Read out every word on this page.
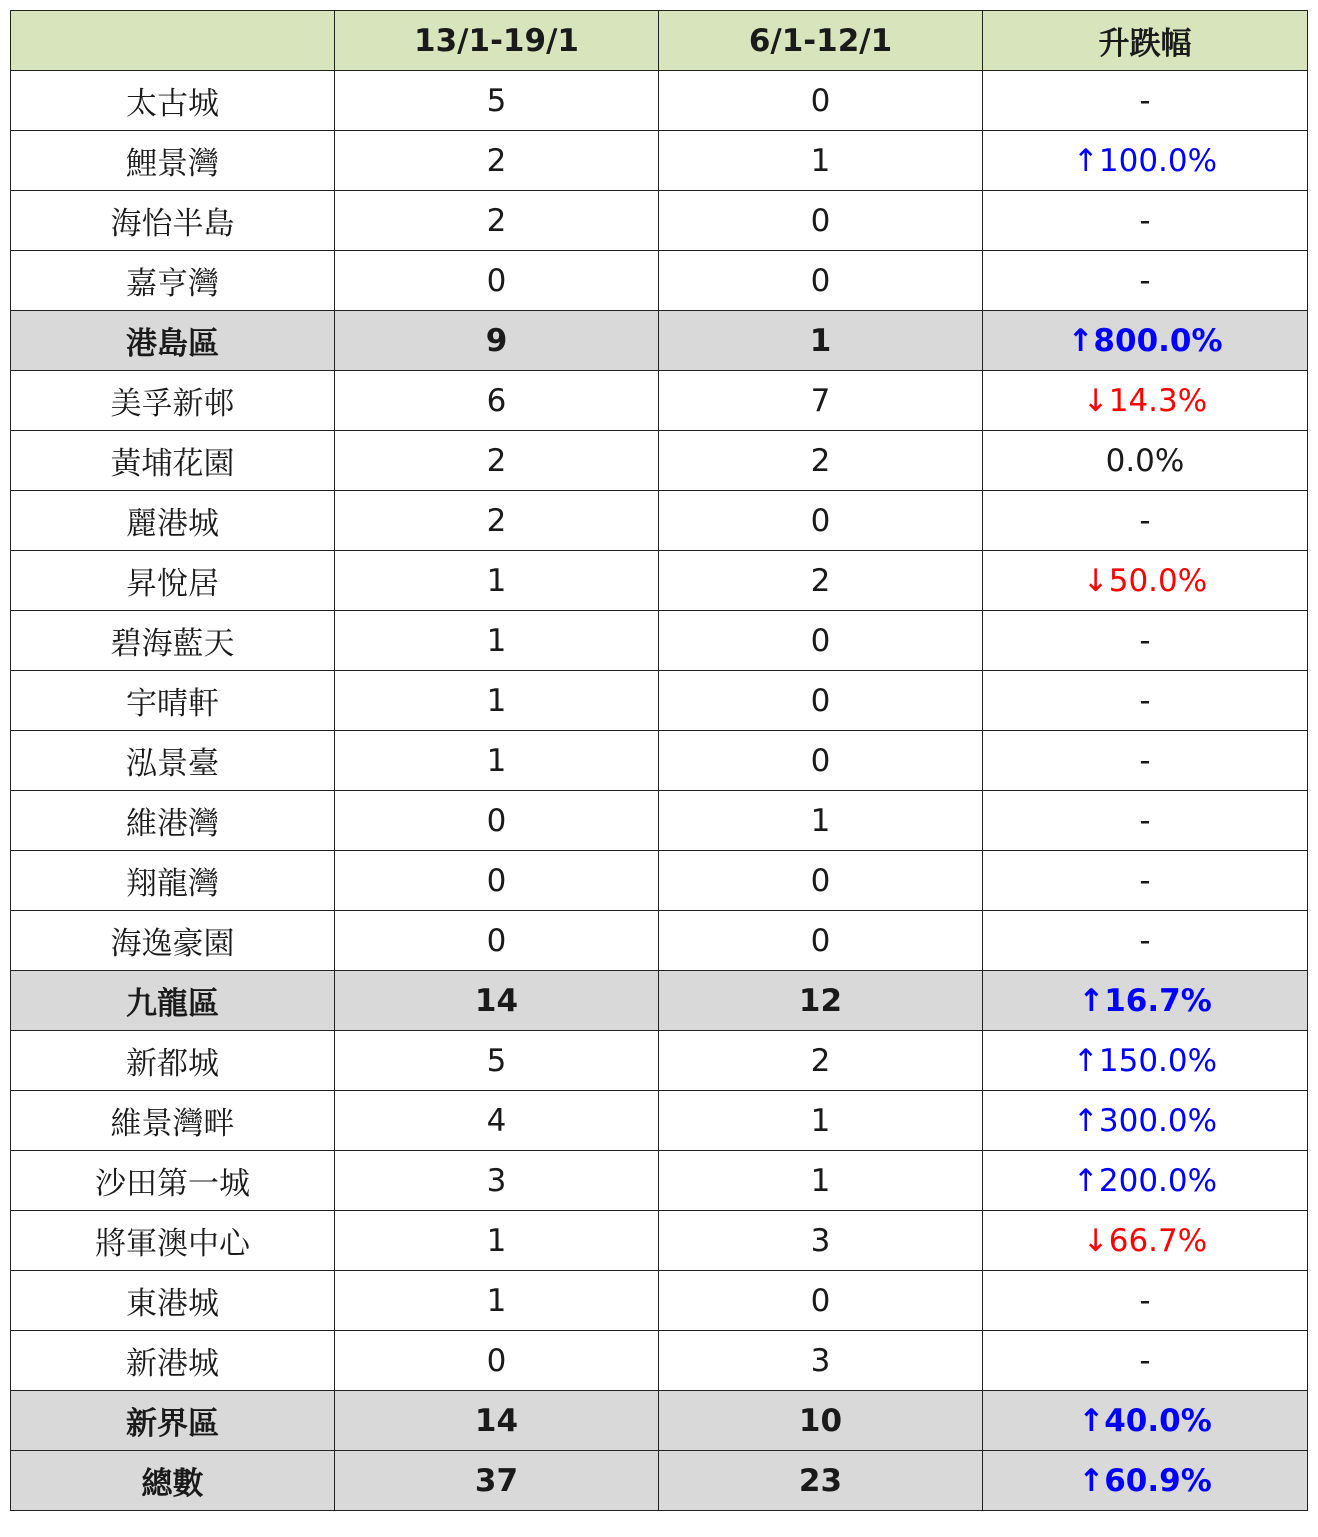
	13/1-19/1	6/1-12/1	升跌幅
太古城	5	0	-
鯉景灣	2	1	↑100.0%
海怡半島	2	0	-
嘉亨灣	0	0	-
港島區	9	1	↑800.0%
美孚新邨	6	7	↓14.3%
黃埔花園	2	2	0.0%
麗港城	2	0	-
昇悅居	1	2	↓50.0%
碧海藍天	1	0	-
宇晴軒	1	0	-
泓景臺	1	0	-
維港灣	0	1	-
翔龍灣	0	0	-
海逸豪園	0	0	-
九龍區	14	12	↑16.7%
新都城	5	2	↑150.0%
維景灣畔	4	1	↑300.0%
沙田第一城	3	1	↑200.0%
將軍澳中心	1	3	↓66.7%
東港城	1	0	-
新港城	0	3	-
新界區	14	10	↑40.0%
總數	37	23	↑60.9%
